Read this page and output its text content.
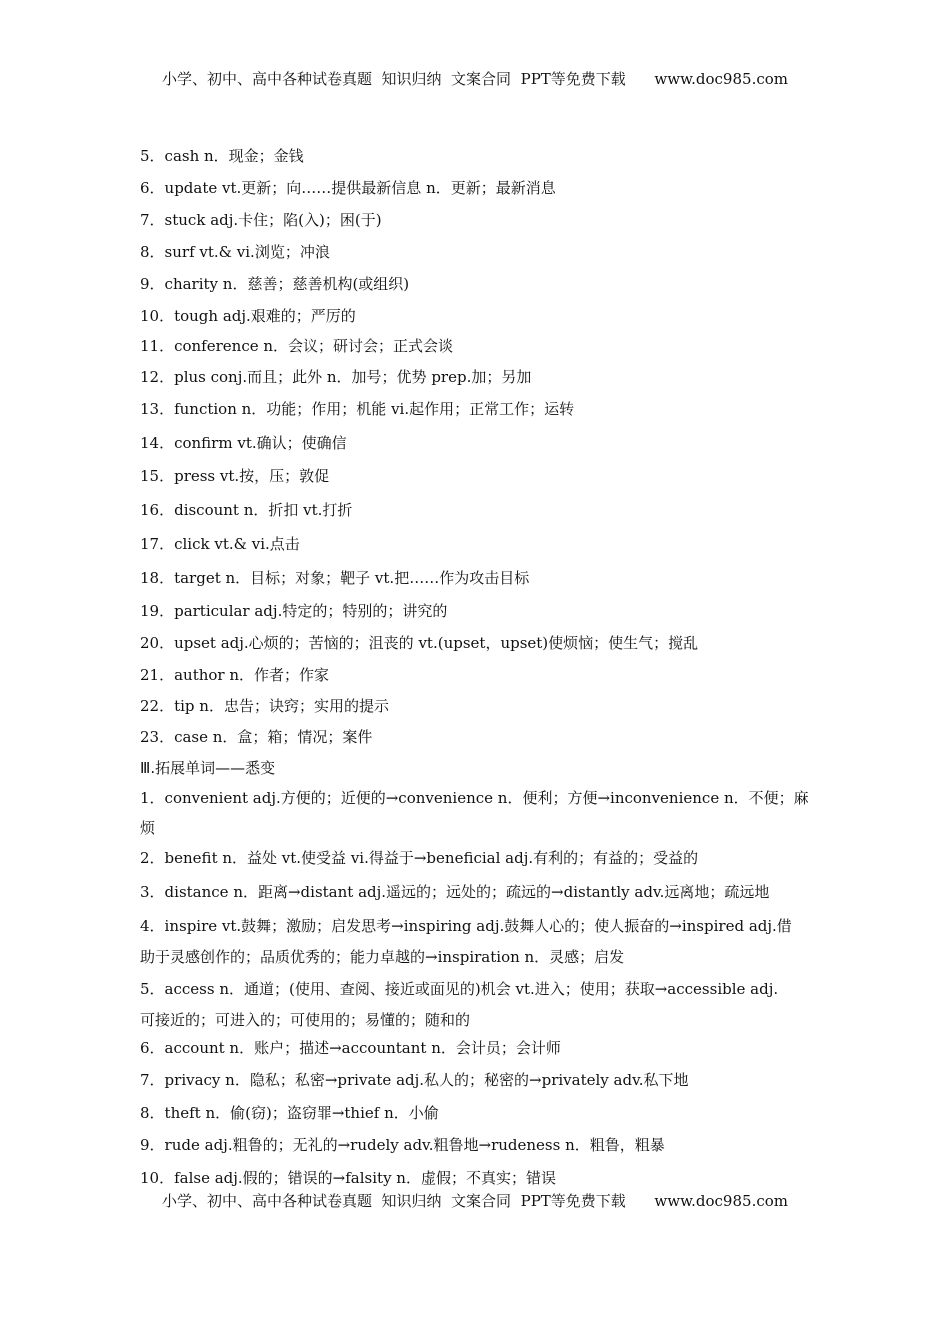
小学、初中、高中各种试卷真题  知识归纳  文案合同  PPT等免费下载      www.doc985.com
5．cash n．现金；金钱
6．update vt.更新；向……提供最新信息 n．更新；最新消息
7．stuck adj.卡住；陷(入)；困(于)
8．surf vt.& vi.浏览；冲浪
9．charity n．慈善；慈善机构(或组织)
10．tough adj.艰难的；严厉的
11．conference n．会议；研讨会；正式会谈
12．plus conj.而且；此外 n．加号；优势 prep.加；另加
13．function n．功能；作用；机能 vi.起作用；正常工作；运转
14．confirm vt.确认；使确信
15．press vt.按，压；敦促
16．discount n．折扣 vt.打折
17．click vt.& vi.点击
18．target n．目标；对象；靶子 vt.把……作为攻击目标
19．particular adj.特定的；特别的；讲究的
20．upset adj.心烦的；苦恼的；沮丧的 vt.(upset，upset)使烦恼；使生气；搅乱
21．author n．作者；作家
22．tip n．忠告；诀窍；实用的提示
23．case n．盒；箱；情况；案件
Ⅲ.拓展单词——悉变
1．convenient adj.方便的；近便的→convenience n．便利；方便→inconvenience n．不便；麻
烦
2．benefit n．益处 vt.使受益 vi.得益于→beneficial adj.有利的；有益的；受益的
3．distance n．距离→distant adj.遥远的；远处的；疏远的→distantly adv.远离地；疏远地
4．inspire vt.鼓舞；激励；启发思考→inspiring adj.鼓舞人心的；使人振奋的→inspired adj.借
助于灵感创作的；品质优秀的；能力卓越的→inspiration n．灵感；启发
5．access n．通道；(使用、查阅、接近或面见的)机会 vt.进入；使用；获取→accessible adj.
可接近的；可进入的；可使用的；易懂的；随和的
6．account n．账户；描述→accountant n．会计员；会计师
7．privacy n．隐私；私密→private adj.私人的；秘密的→privately adv.私下地
8．theft n．偷(窃)；盗窃罪→thief n．小偷
9．rude adj.粗鲁的；无礼的→rudely adv.粗鲁地→rudeness n．粗鲁，粗暴
10．false adj.假的；错误的→falsity n．虚假；不真实；错误
小学、初中、高中各种试卷真题  知识归纳  文案合同  PPT等免费下载      www.doc985.com
